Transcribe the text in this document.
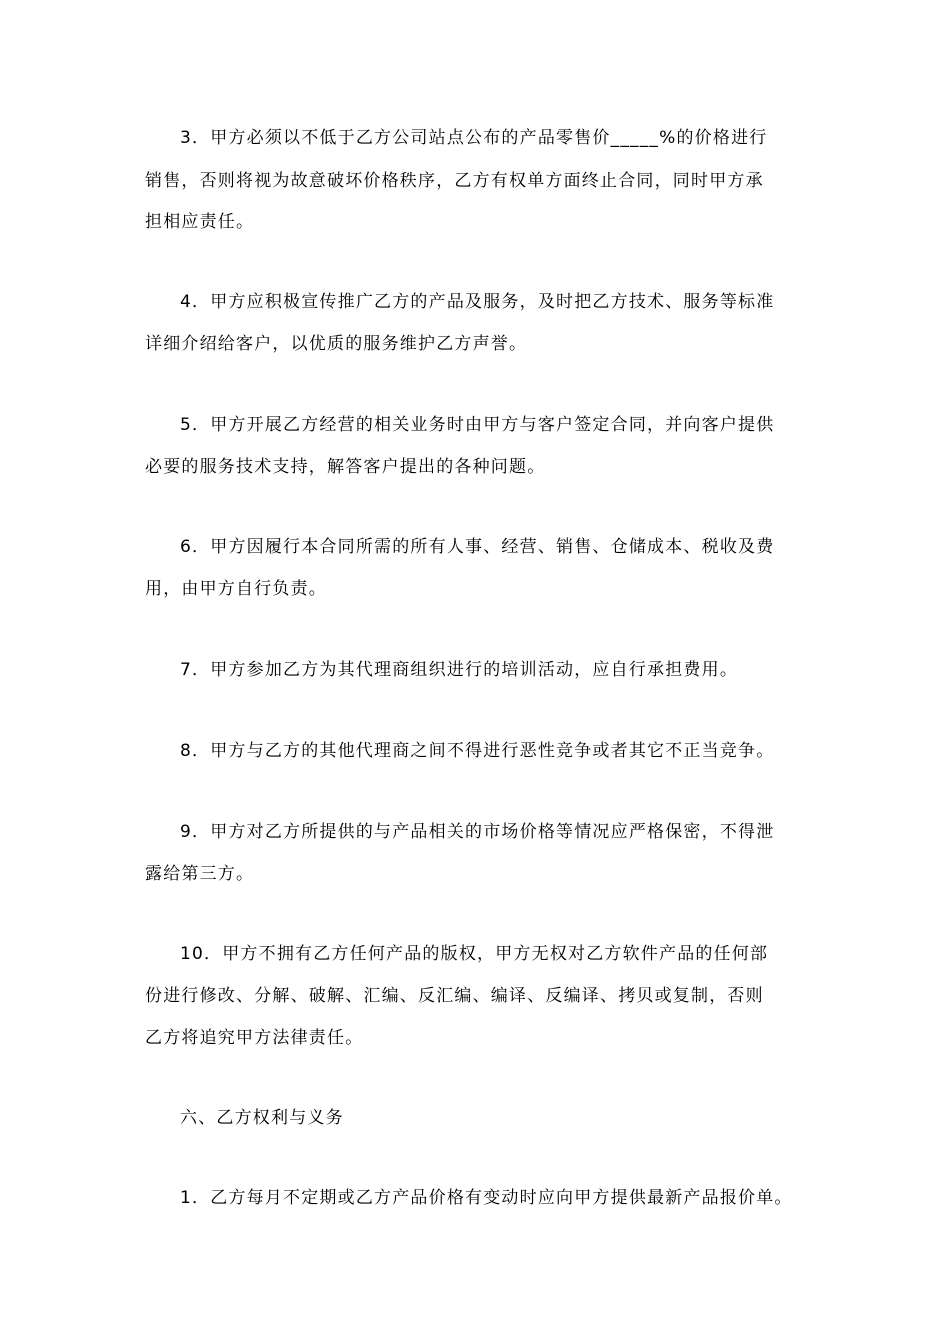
3．甲方必须以不低于乙方公司站点公布的产品零售价_____%的价格进行
销售，否则将视为故意破坏价格秩序，乙方有权单方面终止合同，同时甲方承
担相应责任。
4．甲方应积极宣传推广乙方的产品及服务，及时把乙方技术、服务等标准
详细介绍给客户，以优质的服务维护乙方声誉。
5．甲方开展乙方经营的相关业务时由甲方与客户签定合同，并向客户提供
必要的服务技术支持，解答客户提出的各种问题。
6．甲方因履行本合同所需的所有人事、经营、销售、仓储成本、税收及费
用，由甲方自行负责。
7．甲方参加乙方为其代理商组织进行的培训活动，应自行承担费用。
8．甲方与乙方的其他代理商之间不得进行恶性竞争或者其它不正当竞争。
9．甲方对乙方所提供的与产品相关的市场价格等情况应严格保密，不得泄
露给第三方。
10．甲方不拥有乙方任何产品的版权，甲方无权对乙方软件产品的任何部
份进行修改、分解、破解、汇编、反汇编、编译、反编译、拷贝或复制，否则
乙方将追究甲方法律责任。
六、乙方权利与义务
1．乙方每月不定期或乙方产品价格有变动时应向甲方提供最新产品报价单。
